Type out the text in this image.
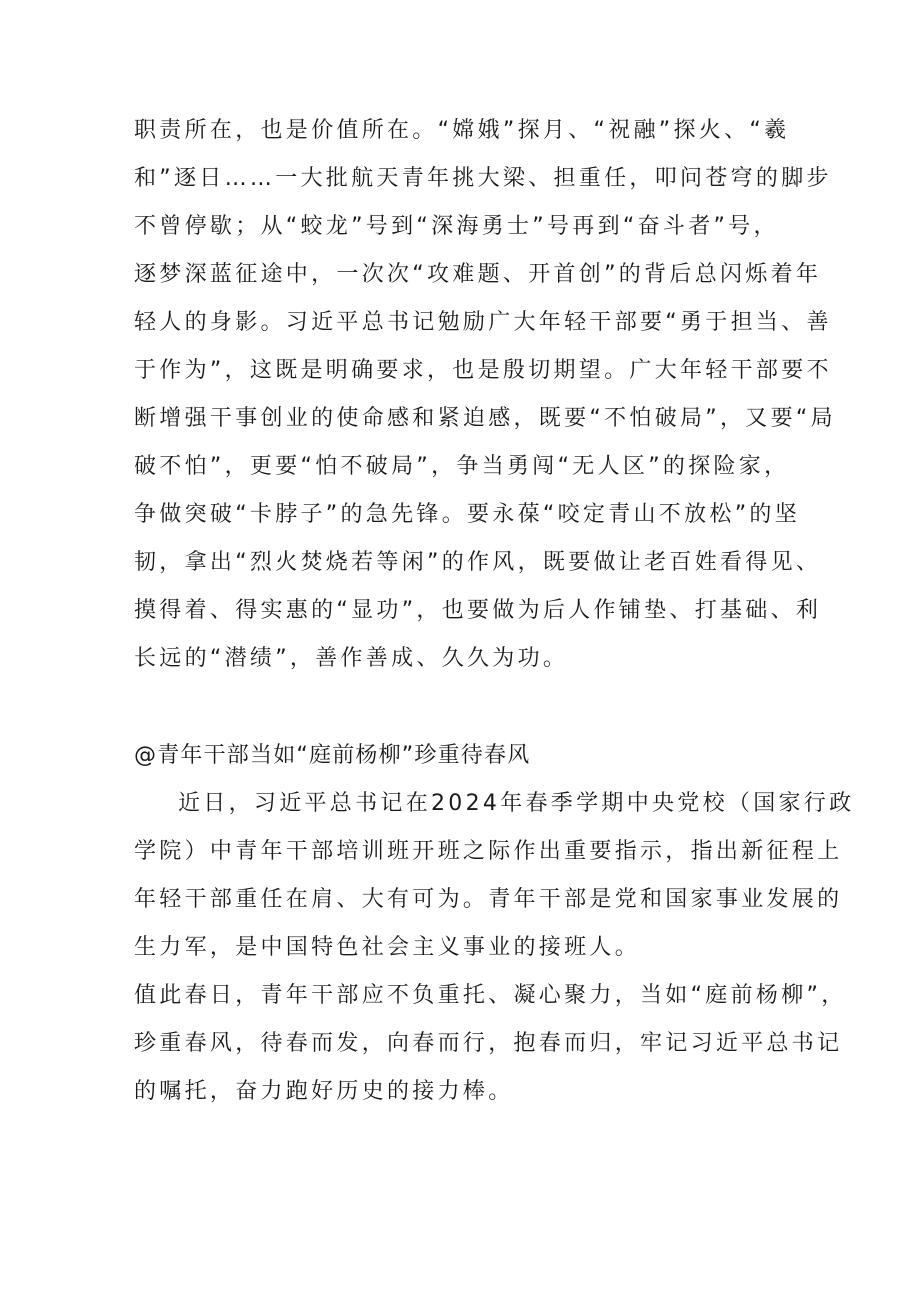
职责所在，也是价值所在。“嫦娥”探月、“祝融”探火、“羲
和”逐日……一大批航天青年挑大梁、担重任，叩问苍穹的脚步
不曾停歇；从“蛟龙”号到“深海勇士”号再到“奋斗者”号，
逐梦深蓝征途中，一次次“攻难题、开首创”的背后总闪烁着年
轻人的身影。习近平总书记勉励广大年轻干部要“勇于担当、善
于作为”，这既是明确要求，也是殷切期望。广大年轻干部要不
断增强干事创业的使命感和紧迫感，既要“不怕破局”，又要“局
破不怕”，更要“怕不破局”，争当勇闯“无人区”的探险家，
争做突破“卡脖子”的急先锋。要永葆“咬定青山不放松”的坚
韧，拿出“烈火焚烧若等闲”的作风，既要做让老百姓看得见、
摸得着、得实惠的“显功”，也要做为后人作铺垫、打基础、利
长远的“潜绩”，善作善成、久久为功。
@青年干部当如“庭前杨柳”珍重待春风
近日，习近平总书记在2024年春季学期中央党校（国家行政
学院）中青年干部培训班开班之际作出重要指示，指出新征程上
年轻干部重任在肩、大有可为。青年干部是党和国家事业发展的
生力军，是中国特色社会主义事业的接班人。
值此春日，青年干部应不负重托、凝心聚力，当如“庭前杨柳”，
珍重春风，待春而发，向春而行，抱春而归，牢记习近平总书记
的嘱托，奋力跑好历史的接力棒。
